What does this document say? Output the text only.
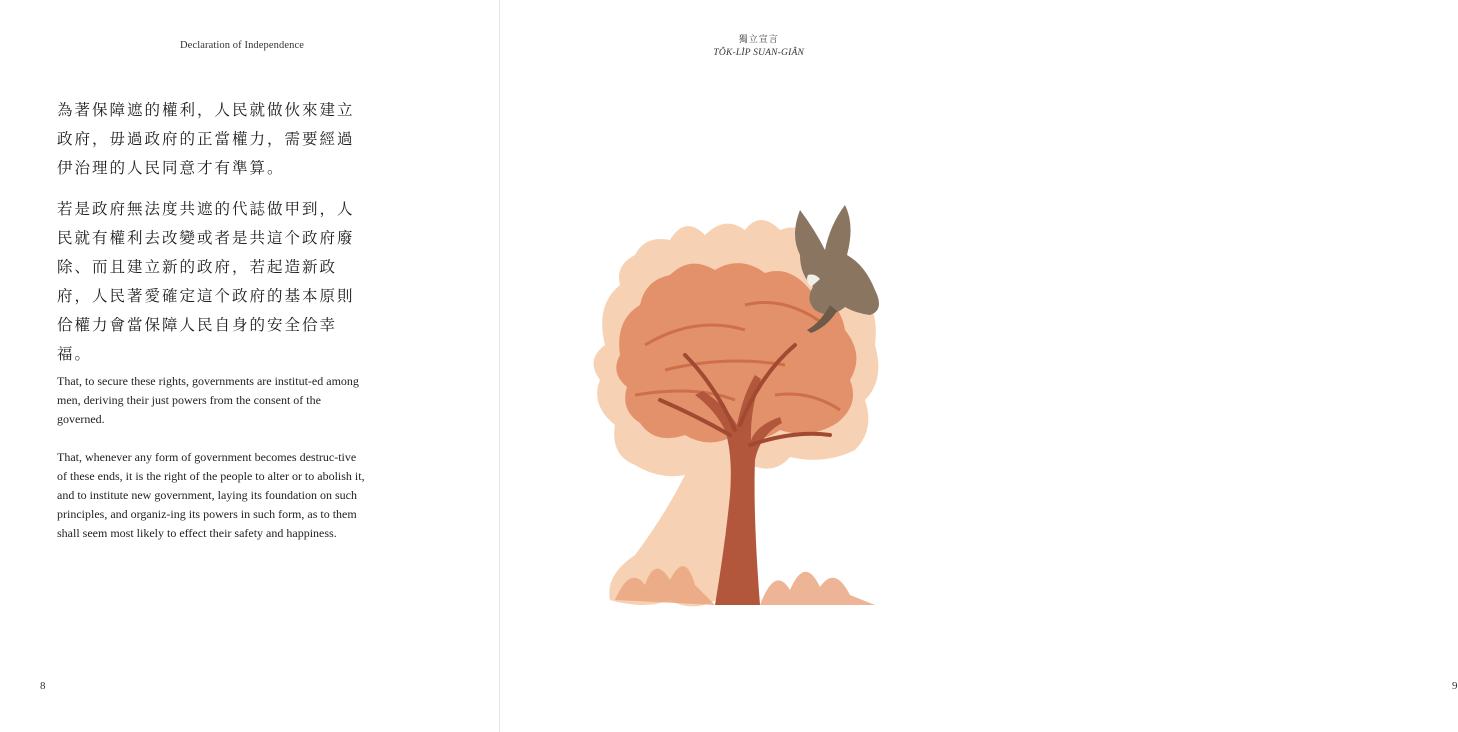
Declaration of Independence

為著保障遮的權利，人民就做伙來建立政府，毋過政府的正當權力，需要經過伊治理的人民同意才有準算。

若是政府無法度共遮的代誌做甲到，人民就有權利去改變或者是共這个政府廢除、而且建立新的政府，若起造新政府，人民著愛確定這个政府的基本原則佮權力會當保障人民自身的安全佮幸福。

That, to secure these rights, governments are institut-ed among men, deriving their just powers from the consent of the governed.

That, whenever any form of government becomes destruc-tive of these ends, it is the right of the people to alter or to abolish it, and to institute new government, laying its foundation on such principles, and organiz-ing its powers in such form, as to them shall seem most likely to effect their safety and happiness.

8
獨立宣言
TÔK-LI̍P SUAN-GIÂN
9
